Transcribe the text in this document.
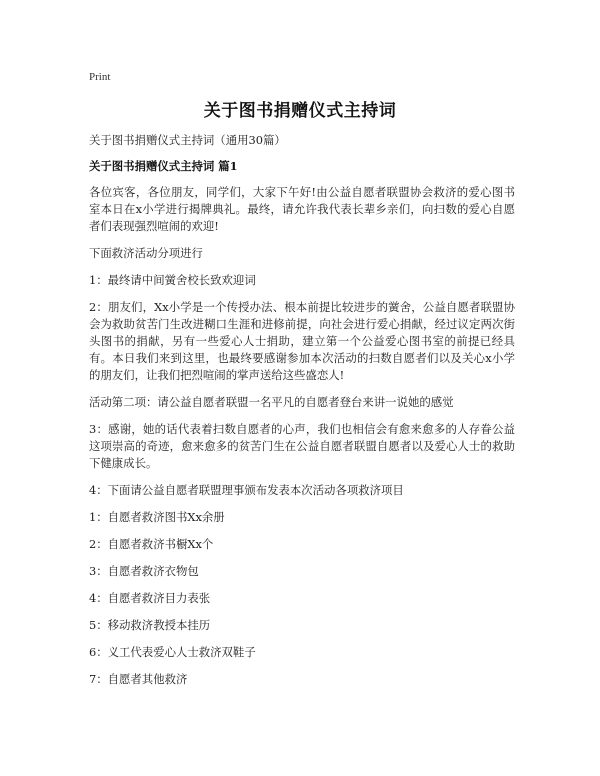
Print
关于图书捐赠仪式主持词

关于图书捐赠仪式主持词（通用30篇）

关于图书捐赠仪式主持词 篇1

各位宾客，各位朋友，同学们，大家下午好!由公益自愿者联盟协会救济的爱心图书室本日在x小学进行揭牌典礼。最终，请允许我代表长辈乡亲们，向扫数的爱心自愿者们表现强烈喧闹的欢迎!

下面救济活动分项进行

1：最终请中间黉舍校长致欢迎词

2：朋友们，Xx小学是一个传授办法、根本前提比较进步的黉舍，公益自愿者联盟协会为救助贫苦门生改进糊口生涯和进修前提，向社会进行爱心捐献，经过议定两次街头图书的捐献，另有一些爱心人士捐助，建立第一个公益爱心图书室的前提已经具有。本日我们来到这里，也最终要感谢参加本次活动的扫数自愿者们以及关心x小学的朋友们，让我们把烈喧闹的掌声送给这些盛恋人!

活动第二项：请公益自愿者联盟一名平凡的自愿者登台来讲一说她的感觉

3：感谢，她的话代表着扫数自愿者的心声，我们也相信会有愈来愈多的人存眷公益这项崇高的奇迹，愈来愈多的贫苦门生在公益自愿者联盟自愿者以及爱心人士的救助下健康成长。

4：下面请公益自愿者联盟理事颁布发表本次活动各项救济项目

1：自愿者救济图书Xx余册

2：自愿者救济书橱Xx个

3：自愿者救济衣物包

4：自愿者救济目力表张

5：移动救济教授本挂历

6：义工代表爱心人士救济双鞋子

7：自愿者其他救济
